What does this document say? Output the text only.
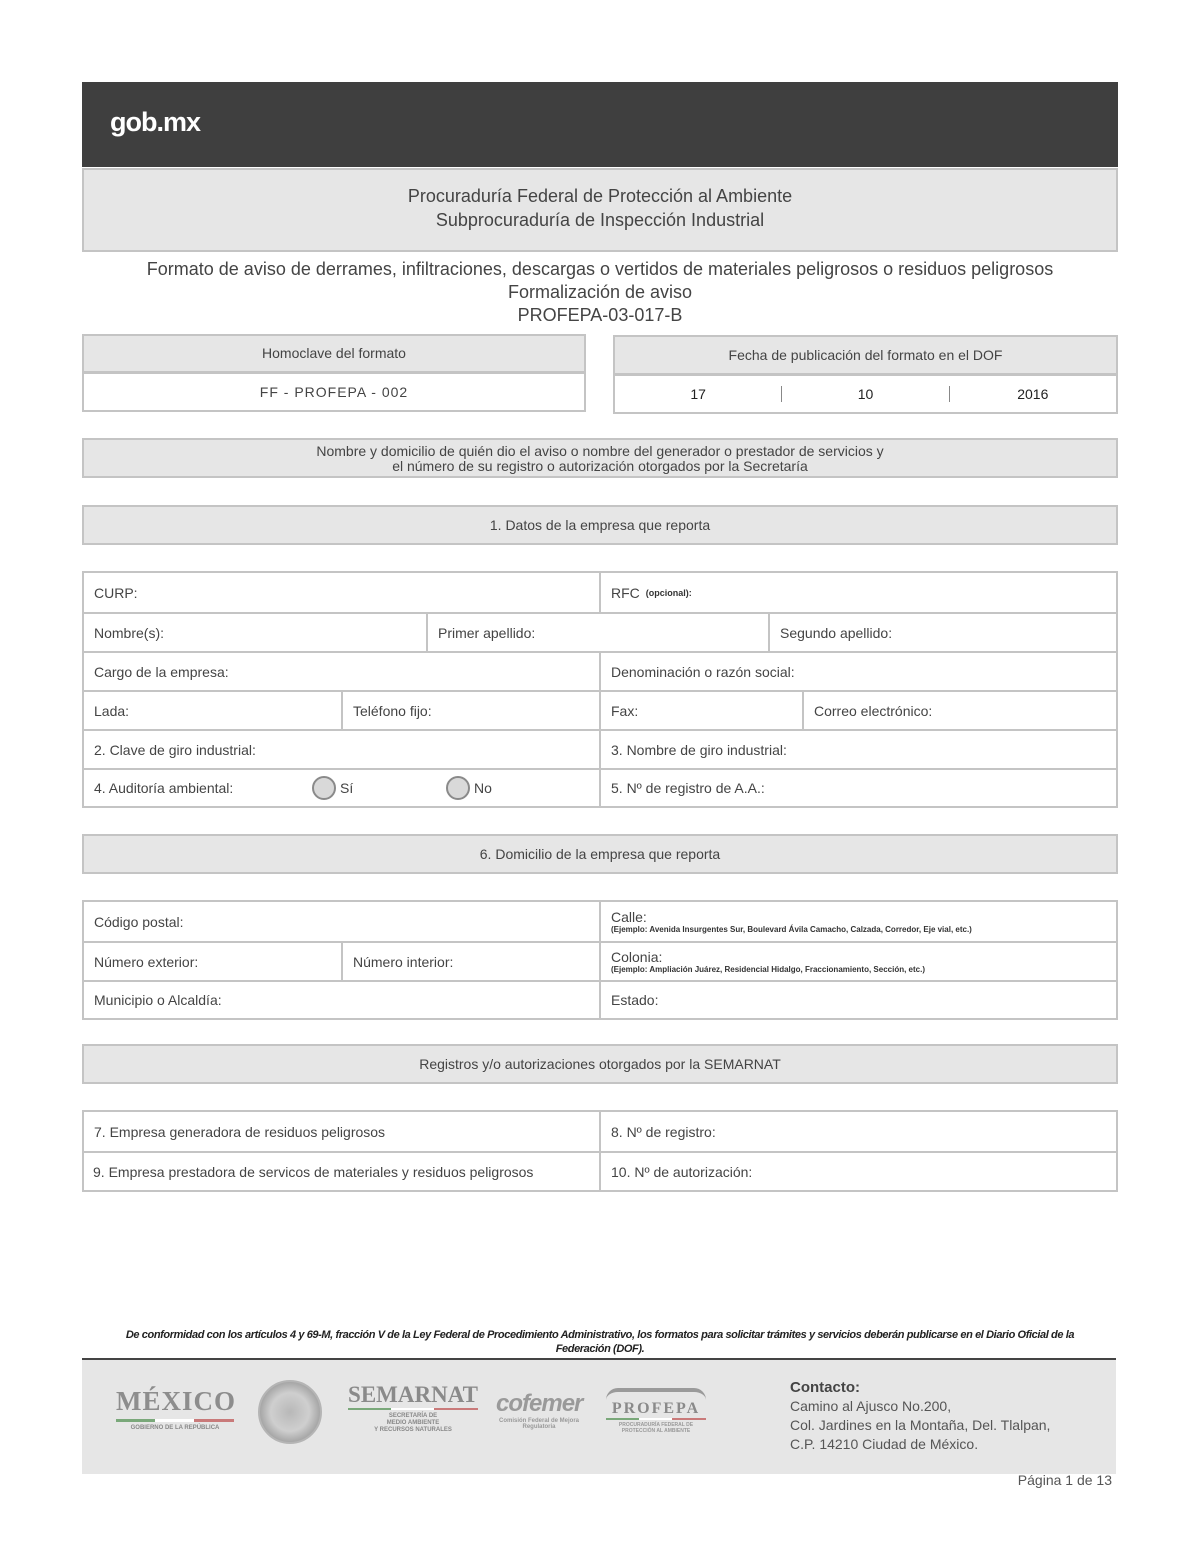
gob.mx
Procuraduría Federal de Protección al Ambiente
Subprocuraduría de Inspección Industrial
Formato de aviso de derrames, infiltraciones, descargas o vertidos de materiales peligrosos o residuos peligrosos
Formalización de aviso
PROFEPA-03-017-B
Homoclave del formato
FF - PROFEPA - 002
Fecha de publicación del formato en el DOF
17	10	2016
Nombre y domicilio de quién dio el aviso o nombre del generador o prestador de servicios y
el número de su registro o autorización otorgados por la Secretaría
1. Datos de la empresa que reporta
CURP:	RFC (opcional):
Nombre(s):	Primer apellido:	Segundo apellido:
Cargo de la empresa:	Denominación o razón social:
Lada:	Teléfono fijo:	Fax:	Correo electrónico:
2. Clave de giro industrial:	3. Nombre de giro industrial:
4. Auditoría ambiental:	Sí	No	5. Nº de registro de A.A.:
6. Domicilio de la empresa que reporta
Código postal:	Calle:
(Ejemplo: Avenida Insurgentes Sur, Boulevard Ávila Camacho, Calzada, Corredor, Eje vial, etc.)
Número exterior:	Número interior:	Colonia:
(Ejemplo: Ampliación Juárez, Residencial Hidalgo, Fraccionamiento, Sección, etc.)
Municipio o Alcaldía:	Estado:
Registros y/o autorizaciones otorgados por la SEMARNAT
7. Empresa generadora de residuos peligrosos	8. Nº de registro:
9. Empresa prestadora de servicos de materiales y residuos peligrosos	10. Nº de autorización:
De conformidad con los artículos 4 y 69-M, fracción V de la Ley Federal de Procedimiento Administrativo, los formatos para solicitar trámites y servicios deberán publicarse en el Diario Oficial de la Federación (DOF).
MÉXICO
GOBIERNO DE LA REPÚBLICA
SEMARNAT
SECRETARÍA DE
MEDIO AMBIENTE
Y RECURSOS NATURALES
cofemer
Comisión Federal de Mejora Regulatoria
PROFEPA
PROCURADURÍA FEDERAL DE PROTECCIÓN AL AMBIENTE
Contacto:
Camino al Ajusco No.200,
Col. Jardines en la Montaña, Del. Tlalpan,
C.P. 14210 Ciudad de México.
Página 1 de 13
